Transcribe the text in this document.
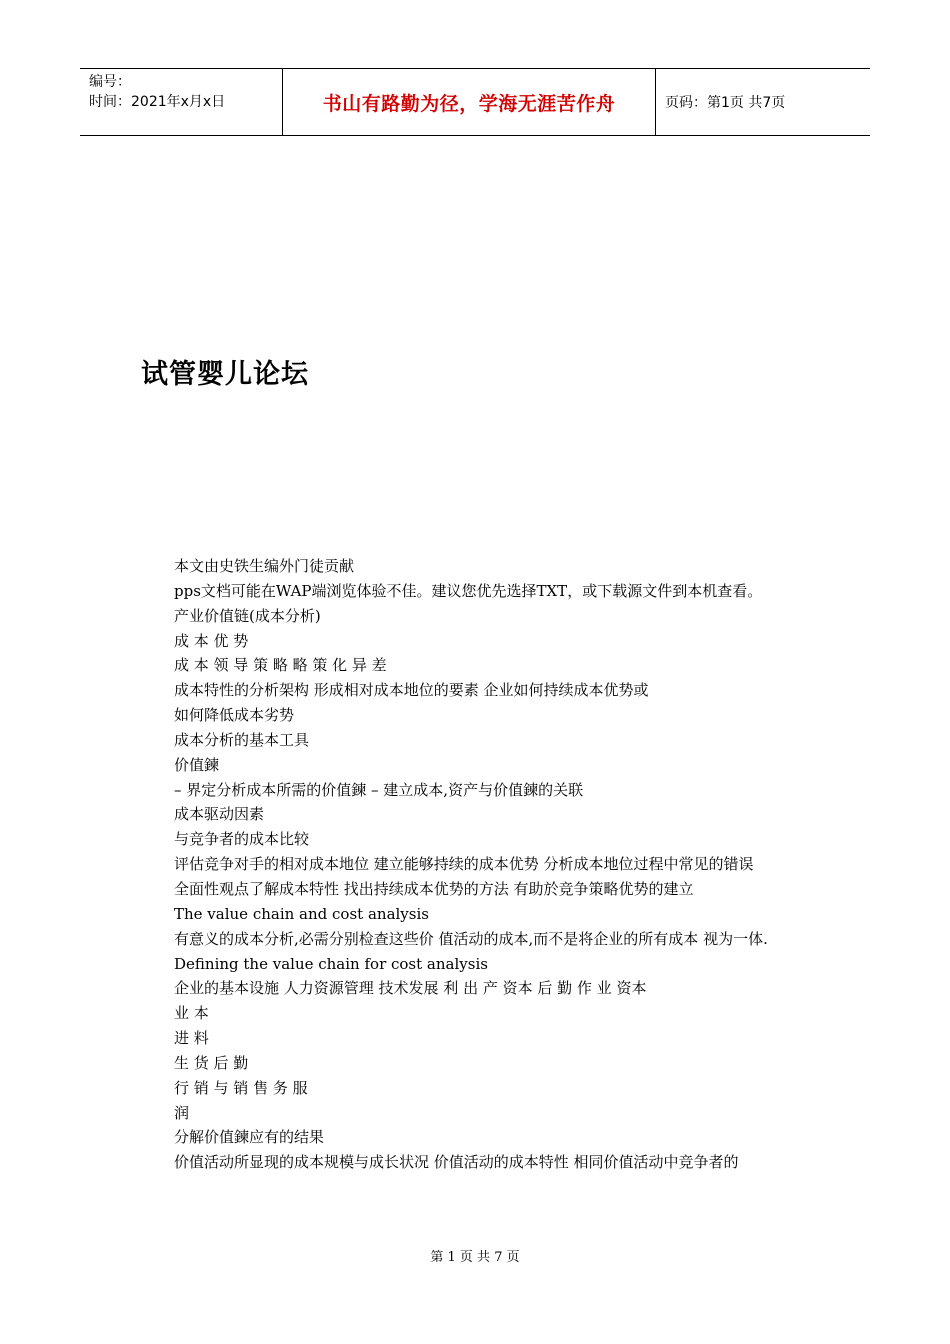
编号：
时间：2021年x月x日	书山有路勤为径，学海无涯苦作舟	页码：第1页 共7页
试管婴儿论坛

本文由史铁生编外门徒贡献

pps文档可能在WAP端浏览体验不佳。建议您优先选择TXT，或下载源文件到本机查看。

产业价值链(成本分析)

成 本 优 势

成 本 领 导 策 略 略 策 化 异 差

成本特性的分析架构 形成相对成本地位的要素 企业如何持续成本优势或

如何降低成本劣势

成本分析的基本工具

价值鍊

– 界定分析成本所需的价值鍊 – 建立成本,资产与价值鍊的关联

成本驱动因素

与竞争者的成本比较

评估竞争对手的相对成本地位 建立能够持续的成本优势 分析成本地位过程中常见的错误

全面性观点了解成本特性 找出持续成本优势的方法 有助於竞争策略优势的建立

The value chain and cost analysis

有意义的成本分析,必需分别检查这些价 值活动的成本,而不是将企业的所有成本 视为一体.

Defining the value chain for cost analysis

企业的基本设施 人力资源管理 技术发展 利 出 产 资本 后 勤 作 业 资本

业 本

进 料

生 货 后 勤

行 销 与 销 售 务 服

润

分解价值鍊应有的结果

价值活动所显现的成本规模与成长状况 价值活动的成本特性 相同价值活动中竞争者的

第 1 页 共 7 页
